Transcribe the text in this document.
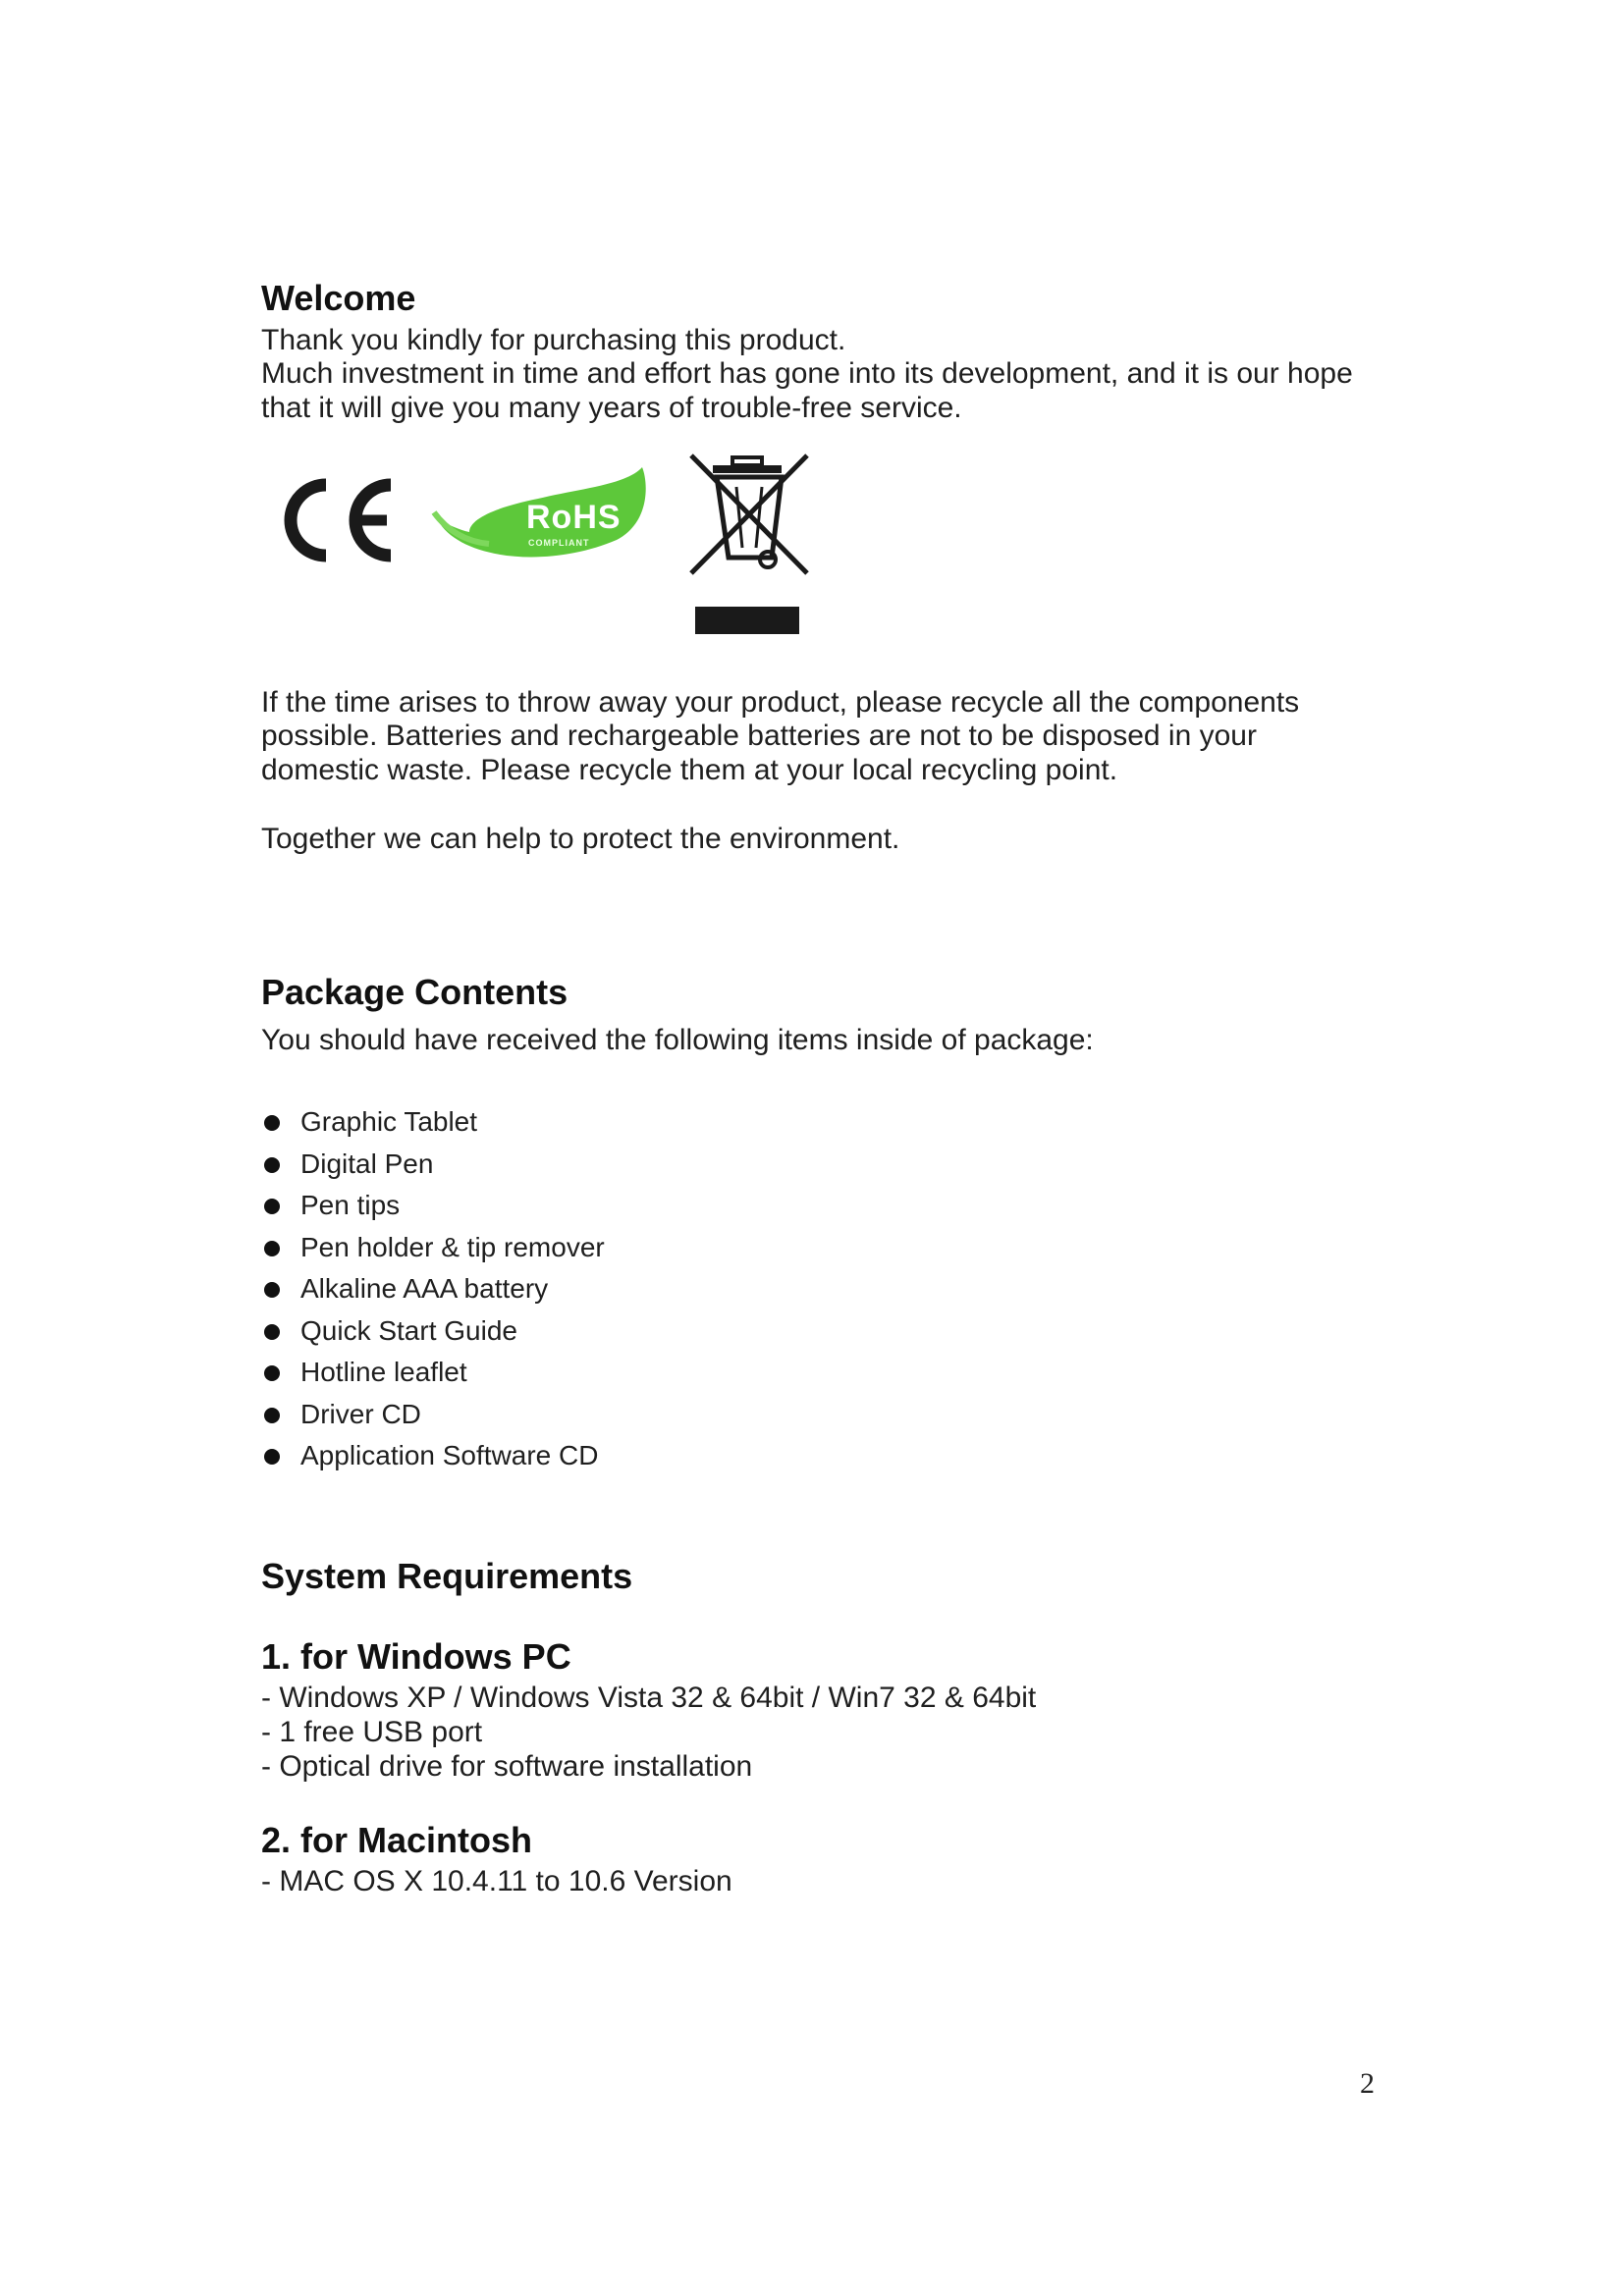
Welcome

Thank you kindly for purchasing this product.

Much investment in time and effort has gone into its development, and it is our hope

that it will give you many years of trouble-free service.

RoHS
COMPLIANT

If the time arises to throw away your product, please recycle all the components

possible. Batteries and rechargeable batteries are not to be disposed in your

domestic waste. Please recycle them at your local recycling point.

Together we can help to protect the environment.

Package Contents

You should have received the following items inside of package:

Graphic Tablet
Digital Pen
Pen tips
Pen holder & tip remover
Alkaline AAA battery
Quick Start Guide
Hotline leaflet
Driver CD
Application Software CD
System Requirements
1. for Windows PC

- Windows XP / Windows Vista 32 & 64bit / Win7 32 & 64bit

- 1 free USB port

- Optical drive for software installation

2. for Macintosh

- MAC OS X 10.4.11 to 10.6 Version

2
